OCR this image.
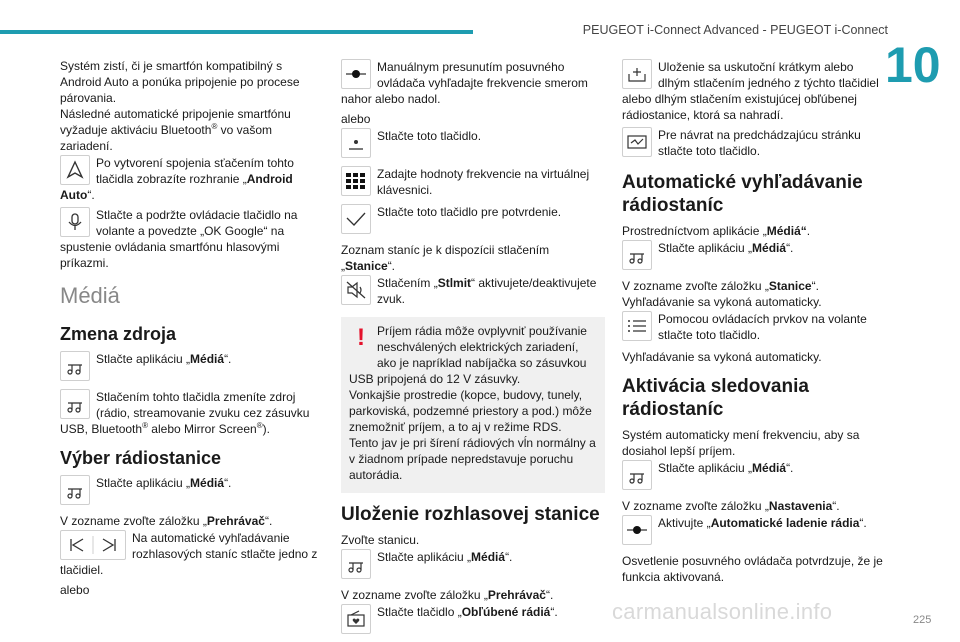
PEUGEOT i-Connect Advanced - PEUGEOT i-Connect
10

Systém zistí, či je smartfón kompatibilný s Android Auto a ponúka pripojenie po procese párovania.

Následné automatické pripojenie smartfónu vyžaduje aktiváciu Bluetooth® vo vašom zariadení.

Po vytvorení spojenia sťačením tohto tlačidla zobrazíte rozhranie „Android Auto“.
Stlačte a podržte ovládacie tlačidlo na volante a povedzte „OK Google“ na spustenie ovládania smartfónu hlasovými príkazmi.
Médiá
Zmena zdroja
Stlačte aplikáciu „Médiá“.
Stlačením tohto tlačidla zmeníte zdroj (rádio, streamovanie zvuku cez zásuvku USB, Bluetooth® alebo Mirror Screen®).
Výber rádiostanice
Stlačte aplikáciu „Médiá“.

V zozname zvoľte záložku „Prehrávač“.

Na automatické vyhľadávanie rozhlasových staníc stlačte jedno z tlačidiel.

alebo

Manuálnym presunutím posuvného ovládača vyhľadajte frekvencie smerom nahor alebo nadol.

alebo

Stlačte toto tlačidlo.
Zadajte hodnoty frekvencie na virtuálnej klávesnici.
Stlačte toto tlačidlo pre potvrdenie.

Zoznam staníc je k dispozícii stlačením „Stanice“.

Stlačením „Stlmit“ aktivujete/deaktivujete zvuk.
!	Príjem rádia môže ovplyvniť používanie neschválených elektrických zariadení, ako je napríklad nabíjačka so zásuvkou USB pripojená do 12 V zásuvky.

Vonkajšie prostredie (kopce, budovy, tunely, parkoviská, podzemné priestory a pod.) môže znemožniť príjem, a to aj v režime RDS.

Tento jav je pri šírení rádiových vĺn normálny a v žiadnom prípade nepredstavuje poruchu autorádia.

Uloženie rozhlasovej stanice

Zvoľte stanicu.

Stlačte aplikáciu „Médiá“.

V zozname zvoľte záložku „Prehrávač“.

Stlačte tlačidlo „Obľúbené rádiá“.
Uloženie sa uskutoční krátkym alebo dlhým stlačením jedného z týchto tlačidiel alebo dlhým stlačením existujúcej obľúbenej rádiostanice, ktorá sa nahradí.
Pre návrat na predchádzajúcu stránku stlačte toto tlačidlo.
Automatické vyhľadávanie rádiostaníc

Prostredníctvom aplikácie „Médiá“.

Stlačte aplikáciu „Médiá“.

V zozname zvoľte záložku „Stanice“.

Vyhľadávanie sa vykoná automaticky.

Pomocou ovládacích prvkov na volante stlačte toto tlačidlo.

Vyhľadávanie sa vykoná automaticky.

Aktivácia sledovania rádiostaníc

Systém automaticky mení frekvenciu, aby sa dosiahol lepší príjem.

Stlačte aplikáciu „Médiá“.

V zozname zvoľte záložku „Nastavenia“.

Aktivujte „Automatické ladenie rádia“.

Osvetlenie posuvného ovládača potvrdzuje, že je funkcia aktivovaná.

carmanualsonline.info	225
